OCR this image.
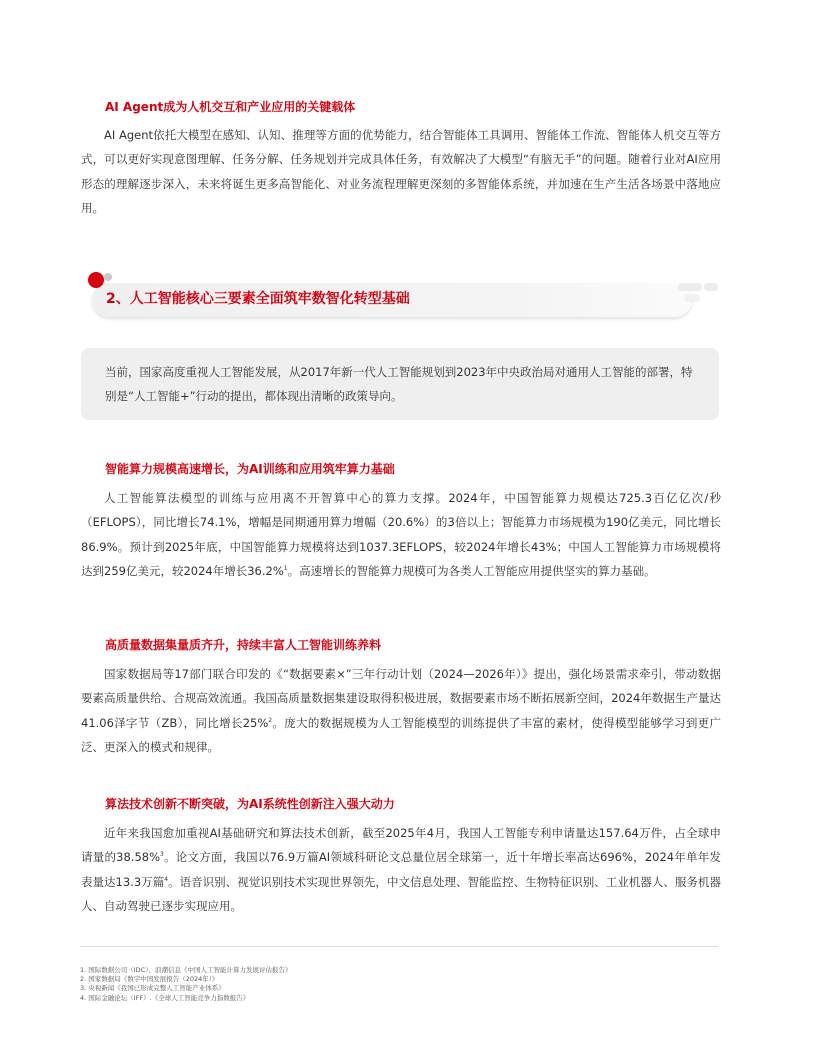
AI Agent成为人机交互和产业应用的关键载体

AI Agent依托大模型在感知、认知、推理等方面的优势能力，结合智能体工具调用、智能体工作流、智能体人机交互等方式，可以更好实现意图理解、任务分解、任务规划并完成具体任务，有效解决了大模型“有脑无手”的问题。随着行业对AI应用形态的理解逐步深入，未来将诞生更多高智能化、对业务流程理解更深刻的多智能体系统，并加速在生产生活各场景中落地应用。

2、人工智能核心三要素全面筑牢数智化转型基础

当前，国家高度重视人工智能发展，从2017年新一代人工智能规划到2023年中央政治局对通用人工智能的部署，特别是“人工智能+”行动的提出，都体现出清晰的政策导向。

智能算力规模高速增长，为AI训练和应用筑牢算力基础

人工智能算法模型的训练与应用离不开智算中心的算力支撑。2024年，中国智能算力规模达725.3百亿亿次/秒（EFLOPS），同比增长74.1%，增幅是同期通用算力增幅（20.6%）的3倍以上；智能算力市场规模为190亿美元，同比增长86.9%。预计到2025年底，中国智能算力规模将达到1037.3EFLOPS，较2024年增长43%；中国人工智能算力市场规模将达到259亿美元，较2024年增长36.2%$^1$。高速增长的智能算力规模可为各类人工智能应用提供坚实的算力基础。

高质量数据集量质齐升，持续丰富人工智能训练养料

国家数据局等17部门联合印发的《“数据要素×”三年行动计划（2024—2026年）》提出，强化场景需求牵引，带动数据要素高质量供给、合规高效流通。我国高质量数据集建设取得积极进展，数据要素市场不断拓展新空间，2024年数据生产量达41.06泽字节（ZB），同比增长25%$^2$。庞大的数据规模为人工智能模型的训练提供了丰富的素材，使得模型能够学习到更广泛、更深入的模式和规律。

算法技术创新不断突破，为AI系统性创新注入强大动力

近年来我国愈加重视AI基础研究和算法技术创新，截至2025年4月，我国人工智能专利申请量达157.64万件，占全球申请量的38.58%$^3$。论文方面，我国以76.9万篇AI领域科研论文总量位居全球第一，近十年增长率高达696%，2024年单年发表量达13.3万篇$^4$。语音识别、视觉识别技术实现世界领先，中文信息处理、智能监控、生物特征识别、工业机器人、服务机器人、自动驾驶已逐步实现应用。

1. 国际数据公司（IDC）、浪潮信息《中国人工智能计算力发展评估报告》
2. 国家数据局《数字中国发展报告（2024年）》
3. 央视新闻《我国已形成完整人工智能产业体系》
4. 国际金融论坛（IFF）.《全球人工智能竞争力指数报告》
